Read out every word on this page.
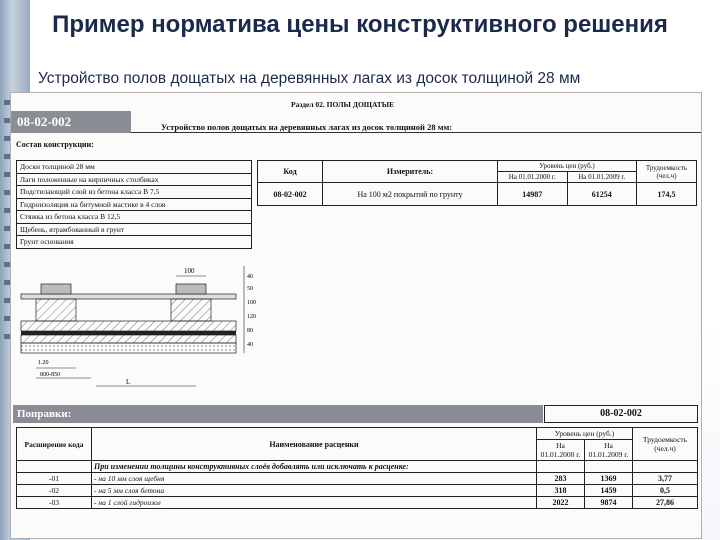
Пример норматива цены конструктивного решения
Устройство полов дощатых на деревянных лагах из досок толщиной 28 мм
Раздел 02. ПОЛЫ ДОЩАТЫЕ
08-02-002	Устройство полов дощатых на деревянных лагах из досок толщиной 28 мм:
Состав конструкции:
Доски толщиной 28 мм
Лаги положенные на кирпичных столбиках
Подстилающий слой из бетона класса В 7,5
Гидроизоляция на битумной мастике в 4 слоя
Стяжка из бетона класса В 12,5
Щебень, втрамбованный в грунт
Грунт основания
Код	Измеритель:	Уровень цен (руб.)		Трудоемкость (чел.ч)
		На 01.01.2000 г.	На 01.01.2009 г.	
08-02-002	На 100 м2 покрытий по грунту	14987	61254	174,5
100
1.20
800-850
L
40
50
100
120
80
40
Поправки:	08-02-002
Расширение кода	Наименование расценки	Уровень цен (руб.)		Трудоемкость (чел.ч)
		На 01.01.2000 г.	На 01.01.2009 г.	
	При изменении толщины конструктивных слоёв добавлять или исключать к расценке:			
-01	- на 10 мм слоя щебня	283	1369	3,77
-02	- на 5 мм слоя бетона	318	1459	0,5
-03	- на 1 слой гидроизол	2022	9874	27,86
